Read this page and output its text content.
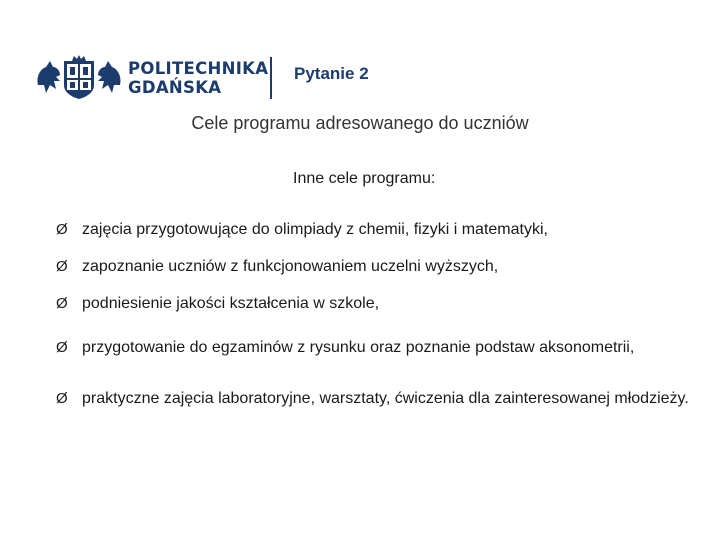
POLITECHNIKA
GDAŃSKA
Pytanie 2
Cele programu adresowanego do uczniów
Inne cele programu:

Ø zajęcia przygotowujące do olimpiady z chemii, fizyki i matematyki,

Ø zapoznanie uczniów z funkcjonowaniem uczelni wyższych,

Ø podniesienie jakości kształcenia w szkole,

Ø przygotowanie do egzaminów z rysunku oraz poznanie podstaw aksonometrii,

Ø praktyczne zajęcia laboratoryjne, warsztaty, ćwiczenia dla zainteresowanej młodzieży.
